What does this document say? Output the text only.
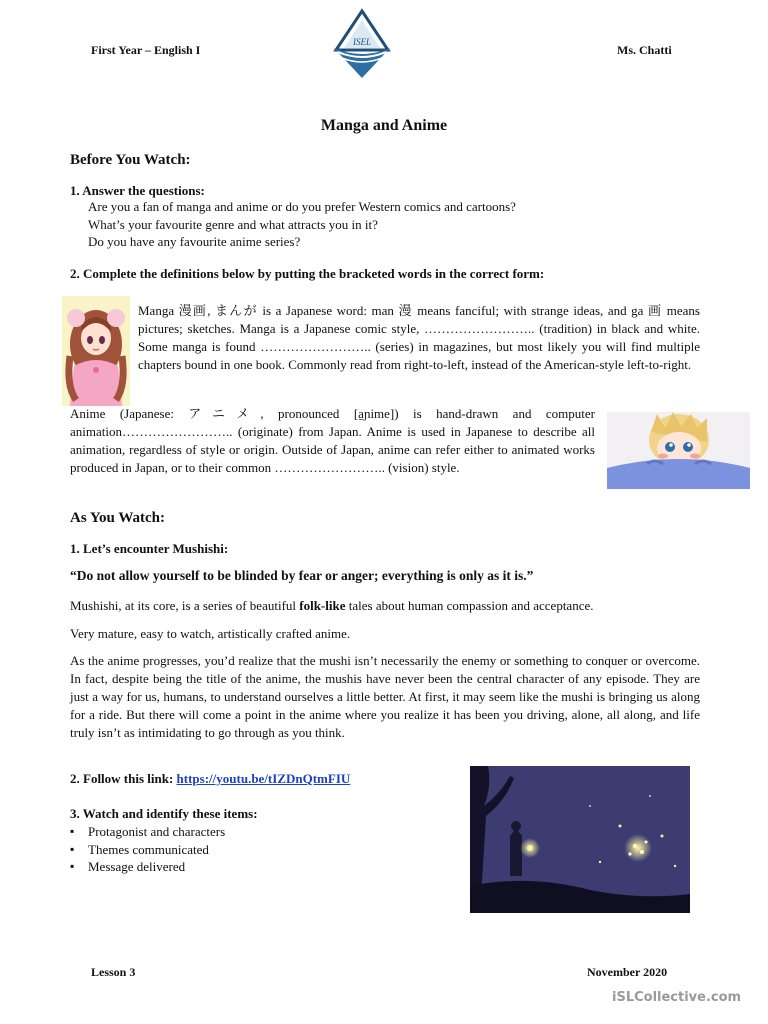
First Year – English I
ISEL
Ms. Chatti
Manga and Anime
Before You Watch:
1. Answer the questions:
Are you a fan of manga and anime or do you prefer Western comics and cartoons?
What’s your favourite genre and what attracts you in it?
Do you have any favourite anime series?
2. Complete the definitions below by putting the bracketed words in the correct form:
Manga 漫画, まんが is a Japanese word: man 漫 means fanciful; with strange ideas, and ga 画 means pictures; sketches. Manga is a Japanese comic style, …………………….. (tradition) in black and white. Some manga is found …………………….. (series) in magazines, but most likely you will find multiple chapters bound in one book. Commonly read from right-to-left, instead of the American-style left-to-right.
Anime (Japanese: アニメ, pronounced [a̠ɲime]) is hand-drawn and computer animation…………………….. (originate) from Japan. Anime is used in Japanese to describe all animation, regardless of style or origin. Outside of Japan, anime can refer either to animated works produced in Japan, or to their common …………………….. (vision) style.
As You Watch:
1. Let’s encounter Mushishi:
“Do not allow yourself to be blinded by fear or anger; everything is only as it is.”
Mushishi, at its core, is a series of beautiful folk-like tales about human compassion and acceptance.
Very mature, easy to watch, artistically crafted anime.
As the anime progresses, you’d realize that the mushi isn’t necessarily the enemy or something to conquer or overcome. In fact, despite being the title of the anime, the mushis have never been the central character of any episode. They are just a way for us, humans, to understand ourselves a little better. At first, it may seem like the mushi is bringing us along for a ride. But there will come a point in the anime where you realize it has been you driving, alone, all along, and life truly isn’t as intimidating to go through as you think.
2. Follow this link: https://youtu.be/tIZDnQtmFIU
3. Watch and identify these items:
▪ Protagonist and characters
▪ Themes communicated
▪ Message delivered
Lesson 3	November 2020
iSLCollective.com
